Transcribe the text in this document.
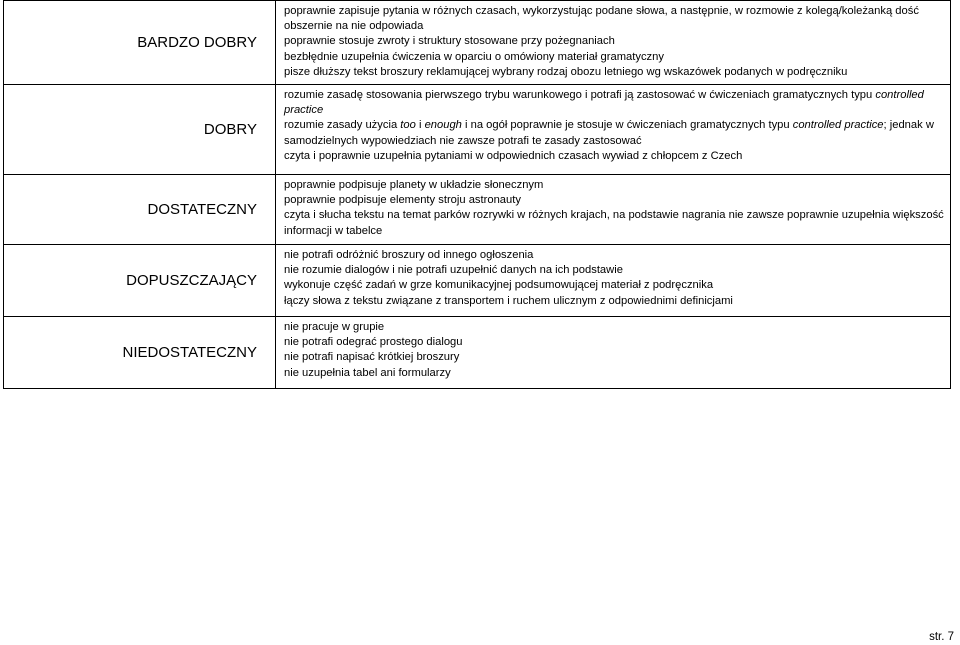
BARDZO DOBRY	poprawnie zapisuje pytania w różnych czasach, wykorzystując podane słowa, a następnie, w rozmowie z kolegą/koleżanką dość obszernie na nie odpowiada
poprawnie stosuje zwroty i struktury stosowane przy pożegnaniach
bezbłędnie uzupełnia ćwiczenia w oparciu o omówiony materiał gramatyczny
pisze dłuższy tekst broszury reklamującej wybrany rodzaj obozu letniego wg wskazówek podanych w podręczniku

DOBRY	rozumie zasadę stosowania pierwszego trybu warunkowego i potrafi ją zastosować w ćwiczeniach gramatycznych typu controlled practice
rozumie zasady użycia too i enough i na ogół poprawnie je stosuje w ćwiczeniach gramatycznych typu controlled practice; jednak w samodzielnych wypowiedziach nie zawsze potrafi te zasady zastosować
czyta i poprawnie uzupełnia pytaniami w odpowiednich czasach wywiad z chłopcem z Czech

DOSTATECZNY	poprawnie podpisuje planety w układzie słonecznym
poprawnie podpisuje elementy stroju astronauty
czyta i słucha tekstu na temat parków rozrywki w różnych krajach, na podstawie nagrania nie zawsze poprawnie uzupełnia większość informacji w tabelce

DOPUSZCZAJĄCY	nie potrafi odróżnić broszury od innego ogłoszenia
nie rozumie dialogów i nie potrafi uzupełnić danych na ich podstawie
wykonuje część zadań w grze komunikacyjnej podsumowującej materiał z podręcznika
łączy słowa z tekstu związane z transportem i ruchem ulicznym z odpowiednimi definicjami

NIEDOSTATECZNY	nie pracuje w grupie
nie potrafi odegrać prostego dialogu
nie potrafi napisać krótkiej broszury
nie uzupełnia tabel ani formularzy
str. 7
